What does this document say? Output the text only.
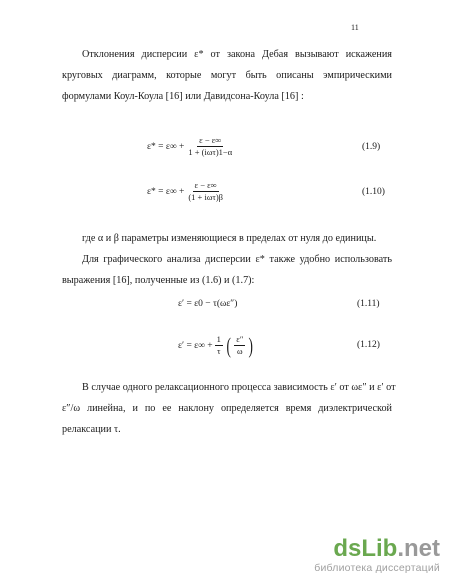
11
Отклонения дисперсии ε* от закона Дебая вызывают искажения
круговых диаграмм, которые могут быть описаны эмпирическими
формулами Коул-Коула [16] или Давидсона-Коула [16] :
$\varepsilon* = \varepsilon\infty + \frac{\varepsilon - \varepsilon\infty}{\text{1 + (iωτ)1−α}}$	(1.9)
$\varepsilon* = \varepsilon\infty + \frac{\varepsilon - \varepsilon\infty}{\text{(1 + iωτ)β}}$	(1.10)
где α и β параметры изменяющиеся в пределах от нуля до единицы.
Для графического анализа дисперсии ε* также удобно использовать
выражения [16], полученные из (1.6) и (1.7):
ε′ = ε0 − τ(ωε″)	(1.11)
$\varepsilon' = \varepsilon\infty + \frac{1}{\tau}$ ( $\frac{\varepsilon''}{\omega}$ )	(1.12)
В случае одного релаксационного процесса зависимость ε′ от ωε″ и ε′ от
ε″/ω линейна, и по ее наклону определяется время диэлектрической
релаксации τ.
dsLib .net
библиотека диссертаций
